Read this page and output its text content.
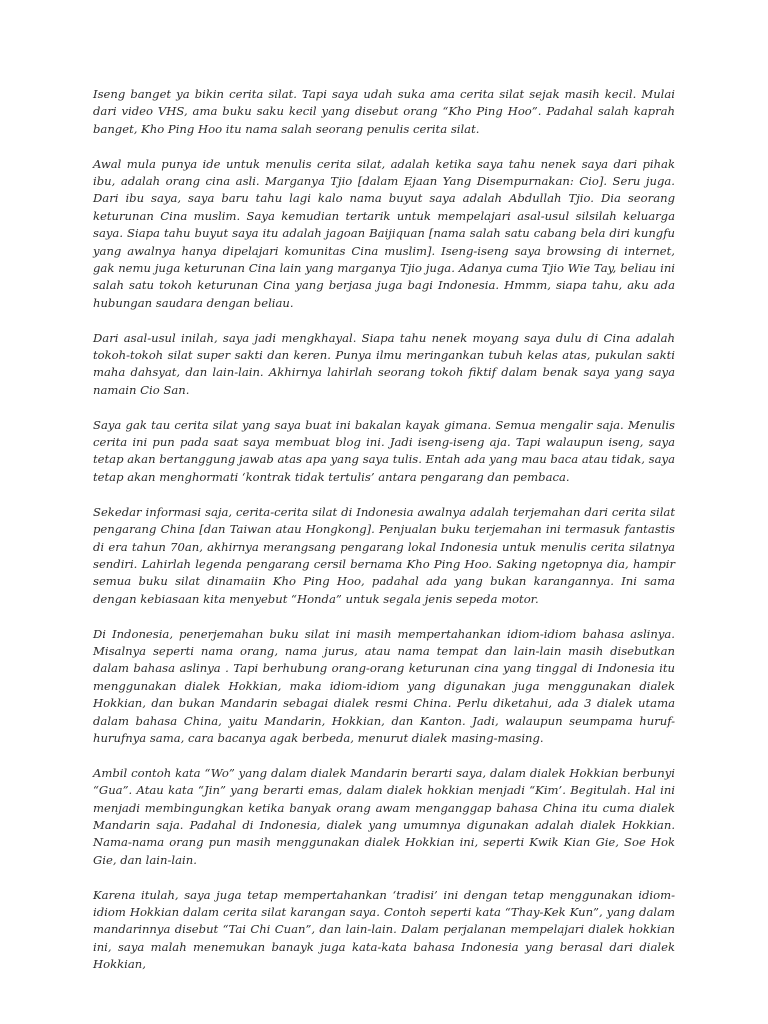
Iseng banget ya bikin cerita silat. Tapi saya udah suka ama cerita silat sejak masih kecil. Mulai dari video VHS, ama buku saku kecil yang disebut orang “Kho Ping Hoo”. Padahal salah kaprah banget, Kho Ping Hoo itu nama salah seorang penulis cerita silat.

Awal mula punya ide untuk menulis cerita silat, adalah ketika saya tahu nenek saya dari pihak ibu, adalah orang cina asli. Marganya Tjio [dalam Ejaan Yang Disempurnakan: Cio]. Seru juga. Dari ibu saya, saya baru tahu lagi kalo nama buyut saya adalah Abdullah Tjio. Dia seorang keturunan Cina muslim. Saya kemudian tertarik untuk mempelajari asal-usul silsilah keluarga saya. Siapa tahu buyut saya itu adalah jagoan Baijiquan [nama salah satu cabang bela diri kungfu yang awalnya hanya dipelajari komunitas Cina muslim]. Iseng-iseng saya browsing di internet, gak nemu juga keturunan Cina lain yang marganya Tjio juga. Adanya cuma Tjio Wie Tay, beliau ini salah satu tokoh keturunan Cina yang berjasa juga bagi Indonesia. Hmmm, siapa tahu, aku ada hubungan saudara dengan beliau.

Dari asal-usul inilah, saya jadi mengkhayal. Siapa tahu nenek moyang saya dulu di Cina adalah tokoh-tokoh silat super sakti dan keren. Punya ilmu meringankan tubuh kelas atas, pukulan sakti maha dahsyat, dan lain-lain. Akhirnya lahirlah seorang tokoh fiktif dalam benak saya yang saya namain Cio San.

Saya gak tau cerita silat yang saya buat ini bakalan kayak gimana. Semua mengalir saja. Menulis cerita ini pun pada saat saya membuat blog ini. Jadi iseng-iseng aja. Tapi walaupun iseng, saya tetap akan bertanggung jawab atas apa yang saya tulis. Entah ada yang mau baca atau tidak, saya tetap akan menghormati ‘kontrak tidak tertulis’ antara pengarang dan pembaca.

Sekedar informasi saja, cerita-cerita silat di Indonesia awalnya adalah terjemahan dari cerita silat pengarang China [dan Taiwan atau Hongkong]. Penjualan buku terjemahan ini termasuk fantastis di era tahun 70an, akhirnya merangsang pengarang lokal Indonesia untuk menulis cerita silatnya sendiri. Lahirlah legenda pengarang cersil bernama Kho Ping Hoo. Saking ngetopnya dia, hampir semua buku silat dinamaiin Kho Ping Hoo, padahal ada yang bukan karangannya. Ini sama dengan kebiasaan kita menyebut “Honda” untuk segala jenis sepeda motor.

Di Indonesia, penerjemahan buku silat ini masih mempertahankan idiom-idiom bahasa aslinya. Misalnya seperti nama orang, nama jurus, atau nama tempat dan lain-lain masih disebutkan dalam bahasa aslinya . Tapi berhubung orang-orang keturunan cina yang tinggal di Indonesia itu menggunakan dialek Hokkian, maka idiom-idiom yang digunakan juga menggunakan dialek Hokkian, dan bukan Mandarin sebagai dialek resmi China. Perlu diketahui, ada 3 dialek utama dalam bahasa China, yaitu Mandarin, Hokkian, dan Kanton. Jadi, walaupun seumpama huruf-hurufnya sama, cara bacanya agak berbeda, menurut dialek masing-masing.

Ambil contoh kata “Wo” yang dalam dialek Mandarin berarti saya, dalam dialek Hokkian berbunyi “Gua”. Atau kata “Jin” yang berarti emas, dalam dialek hokkian menjadi “Kim’. Begitulah. Hal ini menjadi membingungkan ketika banyak orang awam menganggap bahasa China itu cuma dialek Mandarin saja. Padahal di Indonesia, dialek yang umumnya digunakan adalah dialek Hokkian. Nama-nama orang pun masih menggunakan dialek Hokkian ini, seperti Kwik Kian Gie, Soe Hok Gie, dan lain-lain.

Karena itulah, saya juga tetap mempertahankan ‘tradisi’ ini dengan tetap menggunakan idiom-idiom Hokkian dalam cerita silat karangan saya. Contoh seperti kata “Thay-Kek Kun”, yang dalam mandarinnya disebut “Tai Chi Cuan”, dan lain-lain. Dalam perjalanan mempelajari dialek hokkian ini, saya malah menemukan banayk juga kata-kata bahasa Indonesia yang berasal dari dialek Hokkian,
